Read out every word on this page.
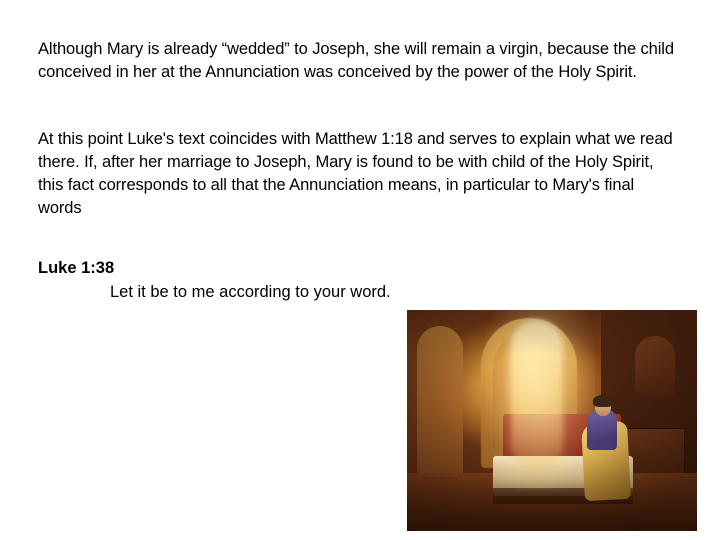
Although Mary is already “wedded” to Joseph, she will remain a virgin, because the child conceived in her at the Annunciation was conceived by the power of the Holy Spirit.
At this point Luke's text coincides with Matthew 1:18 and serves to explain what we read there. If, after her marriage to Joseph, Mary is found to be with child of the Holy Spirit, this fact corresponds to all that the Annunciation means, in particular to Mary's final words
Luke 1:38
Let it be to me according to your word.
